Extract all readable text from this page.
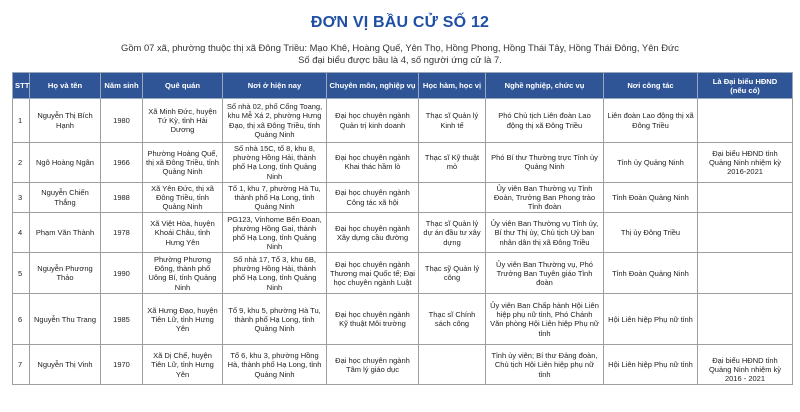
ĐƠN VỊ BẦU CỬ SỐ 12
Gồm 07 xã, phường thuộc thị xã Đông Triều: Mạo Khê, Hoàng Quế, Yên Thọ, Hồng Phong, Hồng Thái Tây, Hồng Thái Đông, Yên Đức
Số đại biểu được bầu là 4, số người ứng cử là 7.
STT	Họ và tên	Năm sinh	Quê quán	Nơi ở hiện nay	Chuyên môn, nghiệp vụ	Học hàm, học vị	Nghề nghiệp, chức vụ	Nơi công tác	Là Đại biểu HĐND
(nếu có)

1	Nguyễn Thị Bích Hạnh	1980	Xã Minh Đức, huyện Tứ Kỳ, tỉnh Hải Dương	Số nhà 02, phố Cổng Toang, khu Mễ Xá 2, phường Hưng Đạo, thị xã Đông Triều, tỉnh Quảng Ninh	Đại học chuyên ngành Quản trị kinh doanh	Thạc sĩ Quản lý Kinh tế	Phó Chủ tịch Liên đoàn Lao động thị xã Đông Triều	Liên đoàn Lao động thị xã Đông Triều	
2	Ngô Hoàng Ngân	1966	Phường Hoàng Quế, thị xã Đông Triều, tỉnh Quảng Ninh	Số nhà 15C, tổ 8, khu 8, phường Hồng Hải, thành phố Hạ Long, tỉnh Quảng Ninh	Đại học chuyên ngành Khai thác hầm lò	Thạc sĩ Kỹ thuật mỏ	Phó Bí thư Thường trực Tỉnh ủy Quảng Ninh	Tỉnh ủy Quảng Ninh	Đại biểu HĐND tỉnh Quảng Ninh nhiệm kỳ 2016-2021
3	Nguyễn Chiến Thắng	1988	Xã Yên Đức, thị xã Đông Triều, tỉnh Quảng Ninh	Tổ 1, khu 7, phường Hà Tu, thành phố Hạ Long, tỉnh Quảng Ninh	Đại học chuyên ngành Công tác xã hội		Ủy viên Ban Thường vụ Tỉnh Đoàn, Trưởng Ban Phong trào Tỉnh đoàn	Tỉnh Đoàn Quảng Ninh	
4	Phạm Văn Thành	1978	Xã Việt Hòa, huyện Khoái Châu, tỉnh Hưng Yên	PG123, Vinhome Bến Đoan, phường Hồng Gai, thành phố Hạ Long, tỉnh Quảng Ninh	Đại học chuyên ngành Xây dựng cầu đường	Thạc sĩ Quản lý dự án đầu tư xây dựng	Ủy viên Ban Thường vụ Tỉnh ủy, Bí thư Thị ủy, Chủ tịch Uỷ ban nhân dân thị xã Đông Triều	Thị ủy Đông Triều	
5	Nguyễn Phương Thảo	1990	Phường Phương Đông, thành phố Uông Bí, tỉnh Quảng Ninh	Số nhà 17, Tổ 3, khu 6B, phường Hồng Hải, thành phố Hạ Long, tỉnh Quảng Ninh	Đại học chuyên ngành Thương mại Quốc tế; Đại học chuyên ngành Luật	Thạc sỹ Quản lý công	Ủy viên Ban Thường vụ, Phó Trưởng Ban Tuyên giáo Tỉnh đoàn	Tỉnh Đoàn Quảng Ninh	
6	Nguyễn Thu Trang	1985	Xã Hưng Đạo, huyện Tiên Lữ, tỉnh Hưng Yên	Tổ 9, khu 5, phường Hà Tu, thành phố Hạ Long, tỉnh Quảng Ninh	Đại học chuyên ngành Kỹ thuật Môi trường	Thạc sĩ Chính sách công	Ủy viên Ban Chấp hành Hội Liên hiệp phụ nữ tỉnh, Phó Chánh Văn phòng Hội Liên hiệp Phụ nữ tỉnh	Hội Liên hiệp Phụ nữ tỉnh	
7	Nguyễn Thị Vinh	1970	Xã Dị Chế, huyện Tiên Lữ, tỉnh Hưng Yên	Tổ 6, khu 3, phường Hồng Hà, thành phố Hạ Long, tỉnh Quảng Ninh	Đại học chuyên ngành Tâm lý giáo dục		Tỉnh ủy viên; Bí thư Đảng đoàn, Chủ tịch Hội Liên hiệp phụ nữ tỉnh	Hội Liên hiệp Phụ nữ tỉnh	Đại biểu HĐND tỉnh Quảng Ninh nhiệm kỳ 2016 - 2021
